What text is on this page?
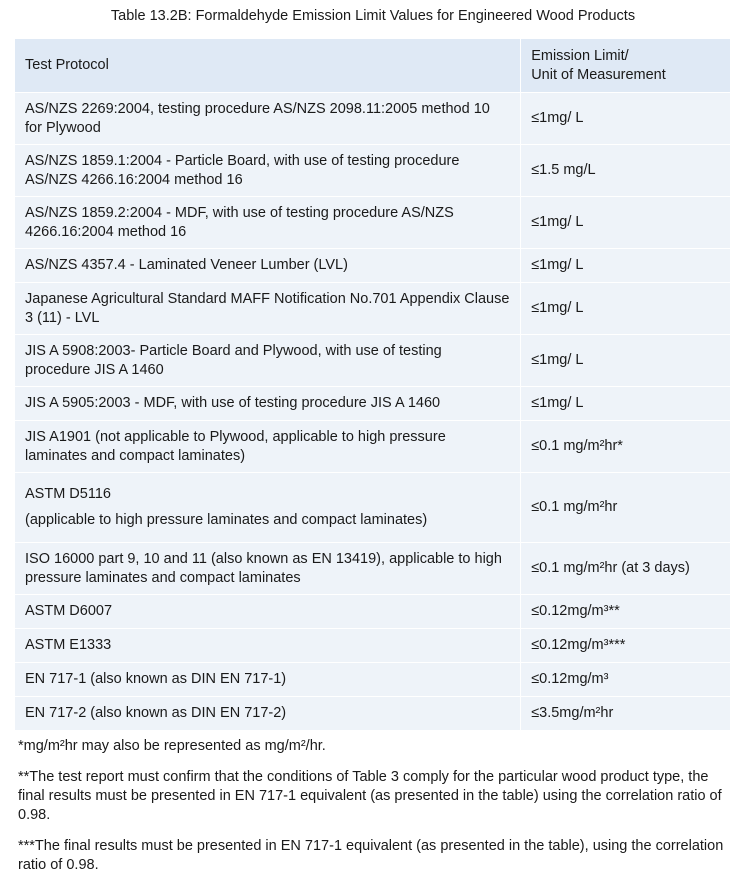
Table 13.2B: Formaldehyde Emission Limit Values for Engineered Wood Products
Test Protocol	Emission Limit/
Unit of Measurement
AS/NZS 2269:2004, testing procedure AS/NZS 2098.11:2005 method 10 for Plywood	≤1mg/ L
AS/NZS 1859.1:2004 - Particle Board, with use of testing procedure AS/NZS 4266.16:2004 method 16	≤1.5 mg/L
AS/NZS 1859.2:2004 - MDF, with use of testing procedure AS/NZS 4266.16:2004 method 16	≤1mg/ L
AS/NZS 4357.4 - Laminated Veneer Lumber (LVL)	≤1mg/ L
Japanese Agricultural Standard MAFF Notification No.701 Appendix Clause 3 (11) - LVL	≤1mg/ L
JIS A 5908:2003- Particle Board and Plywood, with use of testing procedure JIS A 1460	≤1mg/ L
JIS A 5905:2003 - MDF, with use of testing procedure JIS A 1460	≤1mg/ L
JIS A1901 (not applicable to Plywood, applicable to high pressure laminates and compact laminates)	≤0.1 mg/m²hr*
ASTM D5116
(applicable to high pressure laminates and compact laminates)	≤0.1 mg/m²hr
ISO 16000 part 9, 10 and 11 (also known as EN 13419), applicable to high pressure laminates and compact laminates	≤0.1 mg/m²hr (at 3 days)
ASTM D6007	≤0.12mg/m³**
ASTM E1333	≤0.12mg/m³***
EN 717-1 (also known as DIN EN 717-1)	≤0.12mg/m³
EN 717-2 (also known as DIN EN 717-2)	≤3.5mg/m²hr

*mg/m²hr may also be represented as mg/m²/hr.

**The test report must confirm that the conditions of Table 3 comply for the particular wood product type, the final results must be presented in EN 717-1 equivalent (as presented in the table) using the correlation ratio of 0.98.

***The final results must be presented in EN 717-1 equivalent (as presented in the table), using the correlation ratio of 0.98.
